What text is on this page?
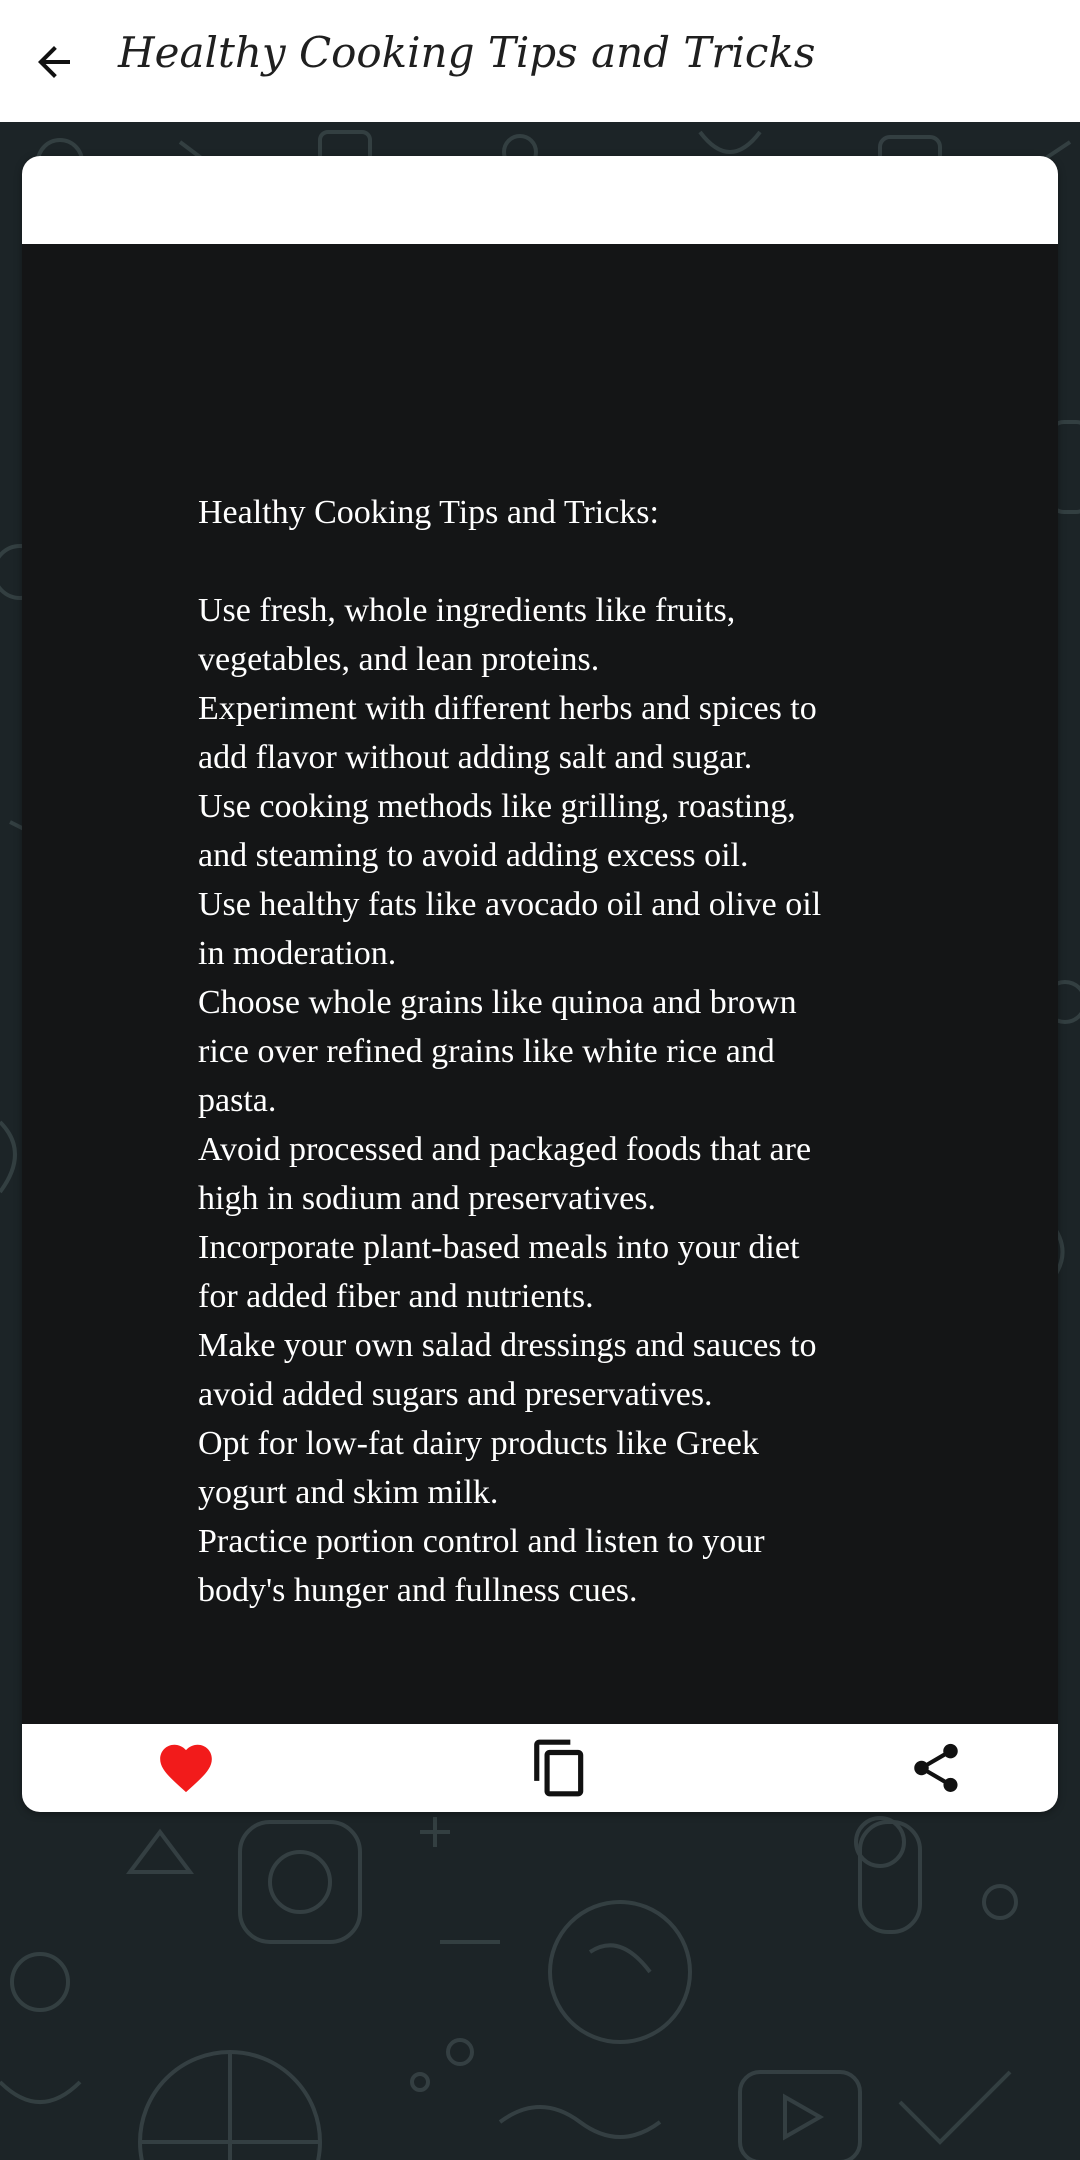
Healthy Cooking Tips and Tricks
Healthy Cooking Tips and Tricks:
Use fresh, whole ingredients like fruits,
vegetables, and lean proteins.
Experiment with different herbs and spices to
add flavor without adding salt and sugar.
Use cooking methods like grilling, roasting,
and steaming to avoid adding excess oil.
Use healthy fats like avocado oil and olive oil
in moderation.
Choose whole grains like quinoa and brown
rice over refined grains like white rice and
pasta.
Avoid processed and packaged foods that are
high in sodium and preservatives.
Incorporate plant-based meals into your diet
for added fiber and nutrients.
Make your own salad dressings and sauces to
avoid added sugars and preservatives.
Opt for low-fat dairy products like Greek
yogurt and skim milk.
Practice portion control and listen to your
body's hunger and fullness cues.
